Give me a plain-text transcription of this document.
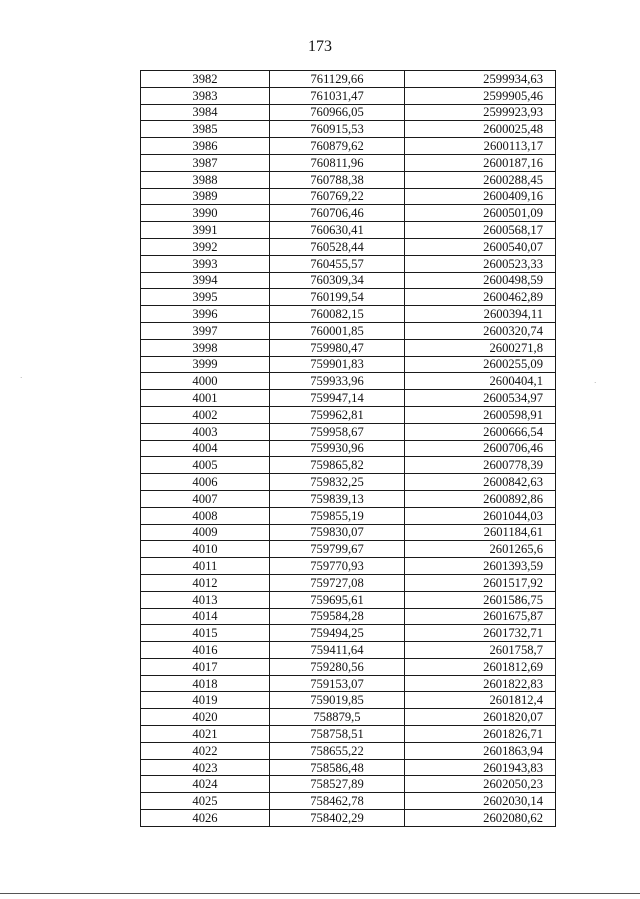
173
3982	761129,66	2599934,63
3983	761031,47	2599905,46
3984	760966,05	2599923,93
3985	760915,53	2600025,48
3986	760879,62	2600113,17
3987	760811,96	2600187,16
3988	760788,38	2600288,45
3989	760769,22	2600409,16
3990	760706,46	2600501,09
3991	760630,41	2600568,17
3992	760528,44	2600540,07
3993	760455,57	2600523,33
3994	760309,34	2600498,59
3995	760199,54	2600462,89
3996	760082,15	2600394,11
3997	760001,85	2600320,74
3998	759980,47	2600271,8
3999	759901,83	2600255,09
4000	759933,96	2600404,1
4001	759947,14	2600534,97
4002	759962,81	2600598,91
4003	759958,67	2600666,54
4004	759930,96	2600706,46
4005	759865,82	2600778,39
4006	759832,25	2600842,63
4007	759839,13	2600892,86
4008	759855,19	2601044,03
4009	759830,07	2601184,61
4010	759799,67	2601265,6
4011	759770,93	2601393,59
4012	759727,08	2601517,92
4013	759695,61	2601586,75
4014	759584,28	2601675,87
4015	759494,25	2601732,71
4016	759411,64	2601758,7
4017	759280,56	2601812,69
4018	759153,07	2601822,83
4019	759019,85	2601812,4
4020	758879,5	2601820,07
4021	758758,51	2601826,71
4022	758655,22	2601863,94
4023	758586,48	2601943,83
4024	758527,89	2602050,23
4025	758462,78	2602030,14
4026	758402,29	2602080,62
·
·
